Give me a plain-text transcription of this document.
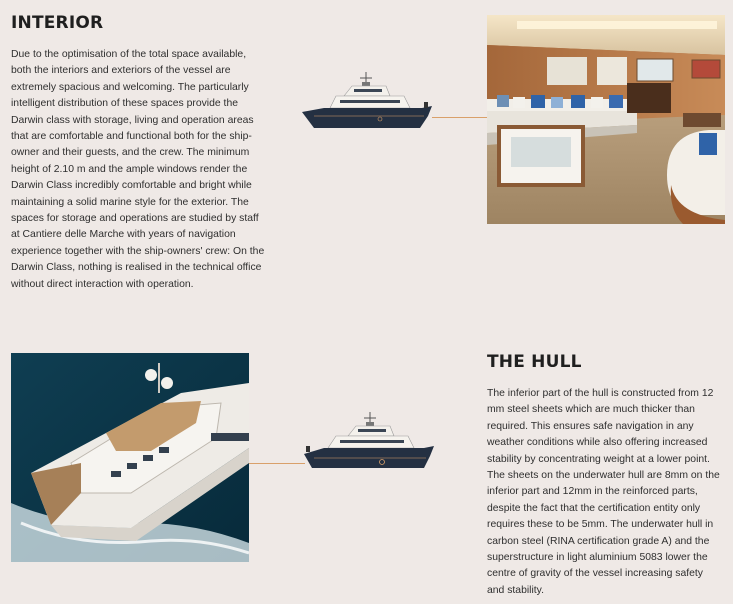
INTERIOR
Due to the optimisation of the total space available, both the interiors and exteriors of the vessel are extremely spacious and welcoming. The particularly intelligent distribution of these spaces provide the Darwin class with storage, living and operation areas that are comfortable and functional both for the ship-owner and their guests, and the crew. The minimum height of 2.10 m and the ample windows render the Darwin Class incredibly comfortable and bright while maintaining a solid marine style for the exterior. The spaces for storage and operations are studied by staff at Cantiere delle Marche with years of navigation experience together with the ship-owners' crew: On the Darwin Class, nothing is realised in the technical office without direct interaction with operation.
THE HULL
The inferior part of the hull is constructed from 12 mm steel sheets which are much thicker than required. This ensures safe navigation in any weather conditions while also offering increased stability by concentrating weight at a lower point. The sheets on the underwater hull are 8mm on the inferior part and 12mm in the reinforced parts, despite the fact that the certification entity only requires these to be 5mm. The underwater hull in carbon steel (RINA certification grade A) and the superstructure in light aluminium 5083 lower the centre of gravity of the vessel increasing safety and stability.
